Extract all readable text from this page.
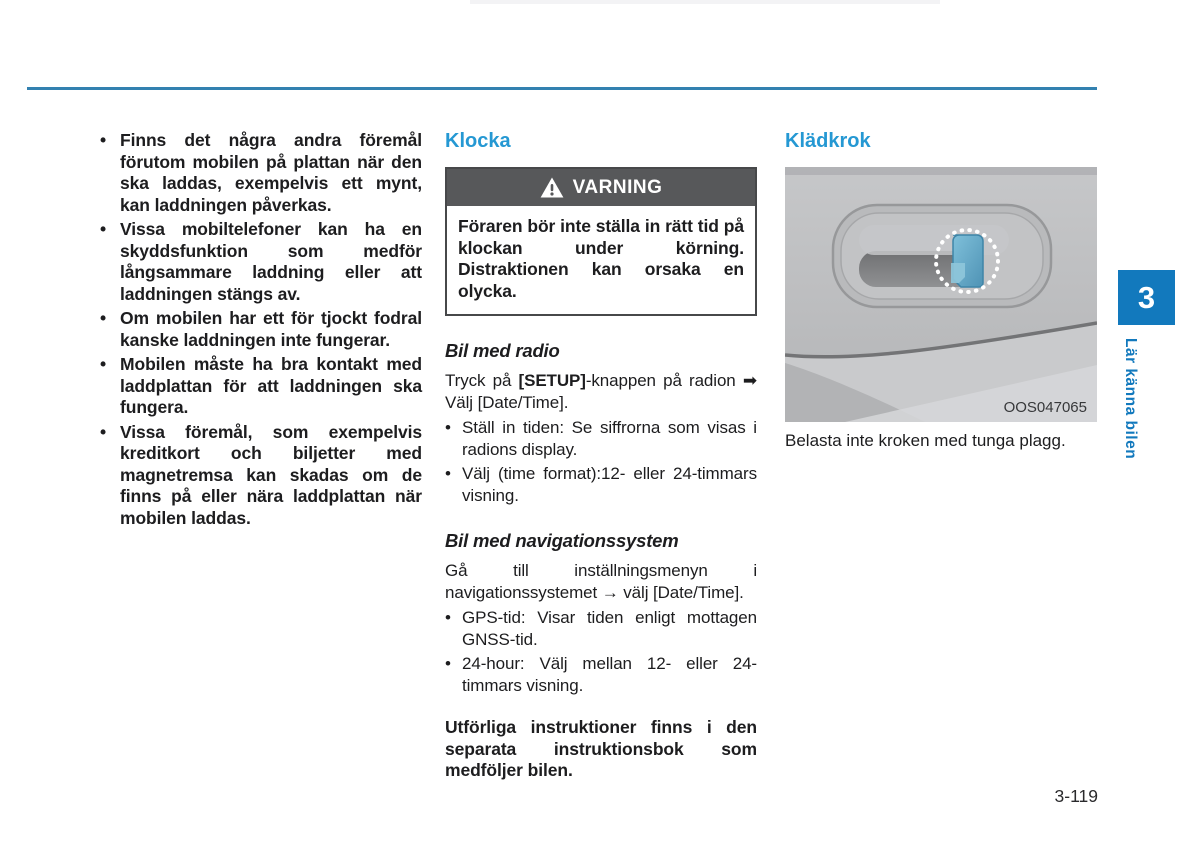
• Finns det några andra föremål förutom mobilen på plattan när den ska laddas, exempelvis ett mynt, kan laddningen påverkas.
• Vissa mobiltelefoner kan ha en skyddsfunktion som medför långsammare laddning eller att laddningen stängs av.
• Om mobilen har ett för tjockt fodral kanske laddningen inte fungerar.
• Mobilen måste ha bra kontakt med laddplattan för att laddningen ska fungera.
• Vissa föremål, som exempelvis kreditkort och biljetter med magnetremsa kan skadas om de finns på eller nära laddplattan när mobilen laddas.
Klocka
VARNING
Föraren bör inte ställa in rätt tid på klockan under körning. Distraktionen kan orsaka en olycka.
Bil med radio

Tryck på [SETUP]-knappen på radion ➡ Välj [Date/Time].

• Ställ in tiden: Se siffrorna som visas i radions display.
• Välj (time format):12- eller 24-timmars visning.
Bil med navigationssystem

Gå till inställningsmenyn i navigationssystemet → välj [Date/Time].

• GPS-tid: Visar tiden enligt mottagen GNSS-tid.
• 24-hour: Välj mellan 12- eller 24-timmars visning.
Utförliga instruktioner finns i den separata instruktionsbok som medföljer bilen.
Klädkrok
OOS047065
Belasta inte kroken med tunga plagg.
3
Lär känna bilen
3-119
